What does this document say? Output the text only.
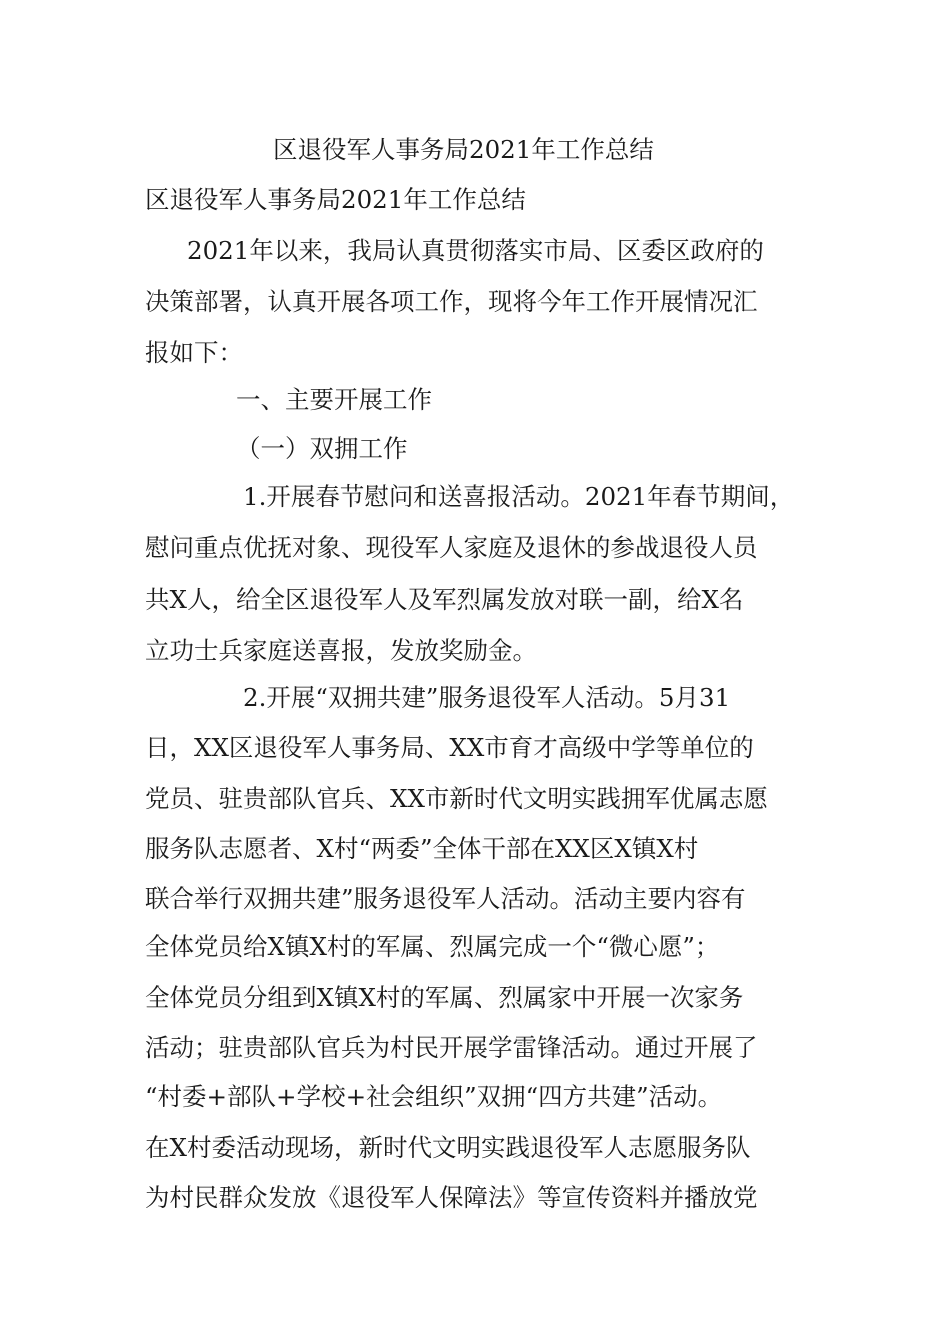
区退役军人事务局2021年工作总结

区退役军人事务局2021年工作总结

2021年以来，我局认真贯彻落实市局、区委区政府的

决策部署，认真开展各项工作，现将今年工作开展情况汇

报如下：

一、主要开展工作

（一）双拥工作

1.开展春节慰问和送喜报活动。2021年春节期间，

慰问重点优抚对象、现役军人家庭及退休的参战退役人员

共X人，给全区退役军人及军烈属发放对联一副，给X名

立功士兵家庭送喜报，发放奖励金。

2.开展“双拥共建”服务退役军人活动。5月31

日，XX区退役军人事务局、XX市育才高级中学等单位的

党员、驻贵部队官兵、XX市新时代文明实践拥军优属志愿

服务队志愿者、X村“两委”全体干部在XX区X镇X村

联合举行双拥共建”服务退役军人活动。活动主要内容有

全体党员给X镇X村的军属、烈属完成一个“微心愿”；

全体党员分组到X镇X村的军属、烈属家中开展一次家务

活动；驻贵部队官兵为村民开展学雷锋活动。通过开展了

“村委+部队+学校+社会组织”双拥“四方共建”活动。

在X村委活动现场，新时代文明实践退役军人志愿服务队

为村民群众发放《退役军人保障法》等宣传资料并播放党
